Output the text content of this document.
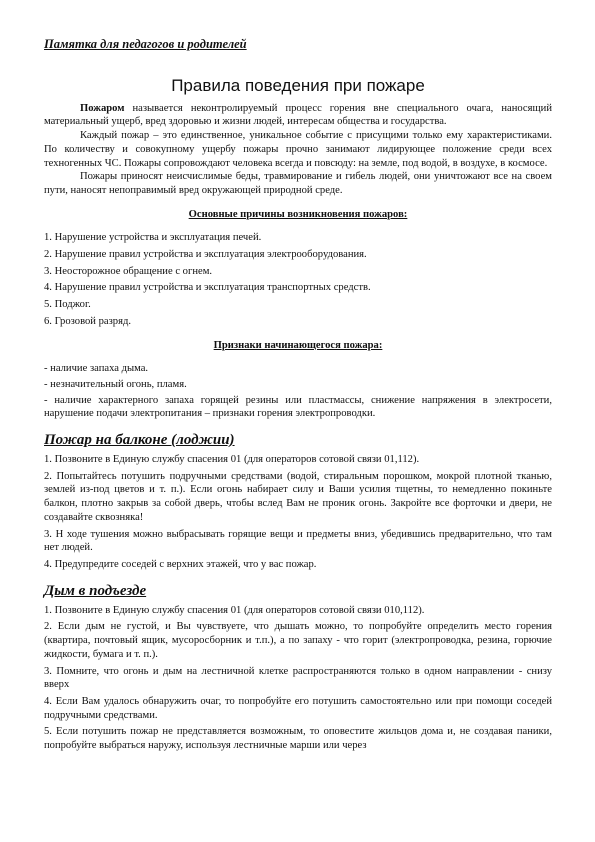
Памятка для педагогов и родителей
Правила поведения при пожаре

Пожаром называется неконтролируемый процесс горения вне специального очага, наносящий материальный ущерб, вред здоровью и жизни людей, интересам общества и государства.

Каждый пожар – это единственное, уникальное событие с присущими только ему характеристиками. По количеству и совокупному ущербу пожары прочно занимают лидирующее положение среди всех техногенных ЧС. Пожары сопровождают человека всегда и повсюду: на земле, под водой, в воздухе, в космосе.

Пожары приносят неисчислимые беды, травмирование и гибель людей, они уничтожают все на своем пути, наносят непоправимый вред окружающей природной среде.

Основные причины возникновения пожаров:
1. Нарушение устройства и эксплуатация печей.
2. Нарушение правил устройства и эксплуатация электрооборудования.
3. Неосторожное обращение с огнем.
4. Нарушение правил устройства и эксплуатация транспортных средств.
5. Поджог.
6. Грозовой разряд.
Признаки начинающегося пожара:
- наличие запаха дыма.
- незначительный огонь, пламя.
- наличие характерного запаха горящей резины или пластмассы, снижение напряжения в электросети, нарушение подачи электропитания – признаки горения электропроводки.
Пожар на балконе (лоджии)
1. Позвоните в Единую службу спасения 01 (для операторов сотовой связи 01,112).
2. Попытайтесь потушить подручными средствами (водой, стиральным порошком, мокрой плотной тканью, землей из-под цветов и т. п.). Если огонь набирает силу и Ваши усилия тщетны, то немедленно покиньте балкон, плотно закрыв за собой дверь, чтобы вслед Вам не проник огонь. Закройте все форточки и двери, не создавайте сквозняка!
3. Н ходе тушения можно выбрасывать горящие вещи и предметы вниз, убедившись предварительно, что там нет людей.
4. Предупредите соседей с верхних этажей, что у вас пожар.
Дым в подъезде
1. Позвоните в Единую службу спасения 01 (для операторов сотовой связи 010,112).
2. Если дым не густой, и Вы чувствуете, что дышать можно, то попробуйте определить место горения (квартира, почтовый ящик, мусоросборник и т.п.), а по запаху - что горит (электропроводка, резина, горючие жидкости, бумага и т. п.).
3. Помните, что огонь и дым на лестничной клетке распространяются только в одном направлении - снизу вверх
4. Если Вам удалось обнаружить очаг, то попробуйте его потушить самостоятельно или при помощи соседей подручными средствами.
5. Если потушить пожар не представляется возможным, то оповестите жильцов дома и, не создавая паники, попробуйте выбраться наружу, используя лестничные марши или через
